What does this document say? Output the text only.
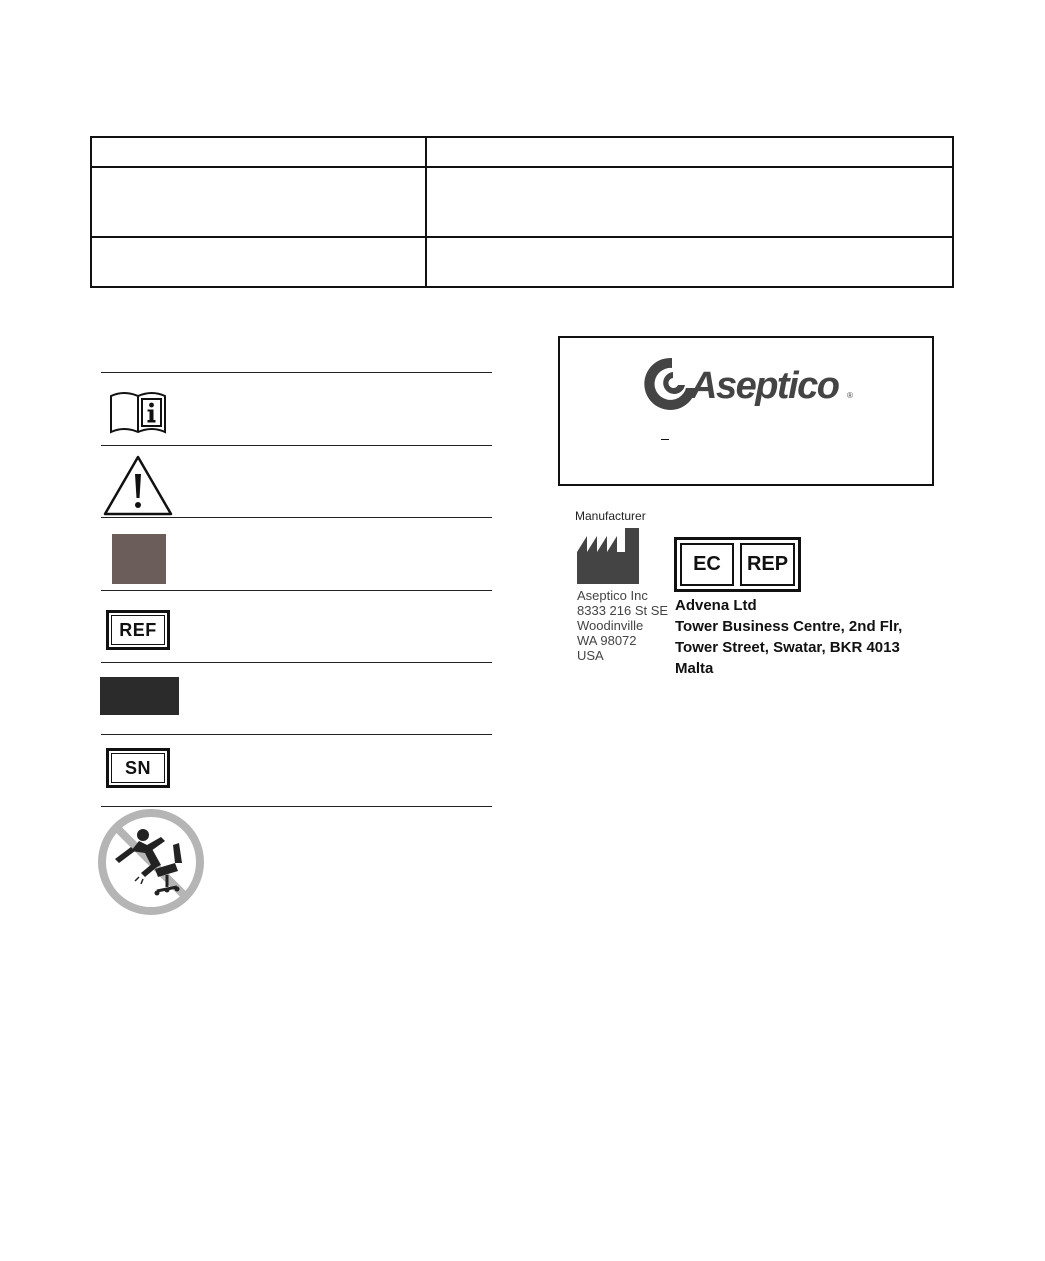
REF
SN
Aseptico ®
Manufacturer
Aseptico Inc
8333 216 St SE
Woodinville
WA 98072
USA
EC REP
Advena Ltd
Tower Business Centre, 2nd Flr,
Tower Street, Swatar, BKR 4013
Malta
